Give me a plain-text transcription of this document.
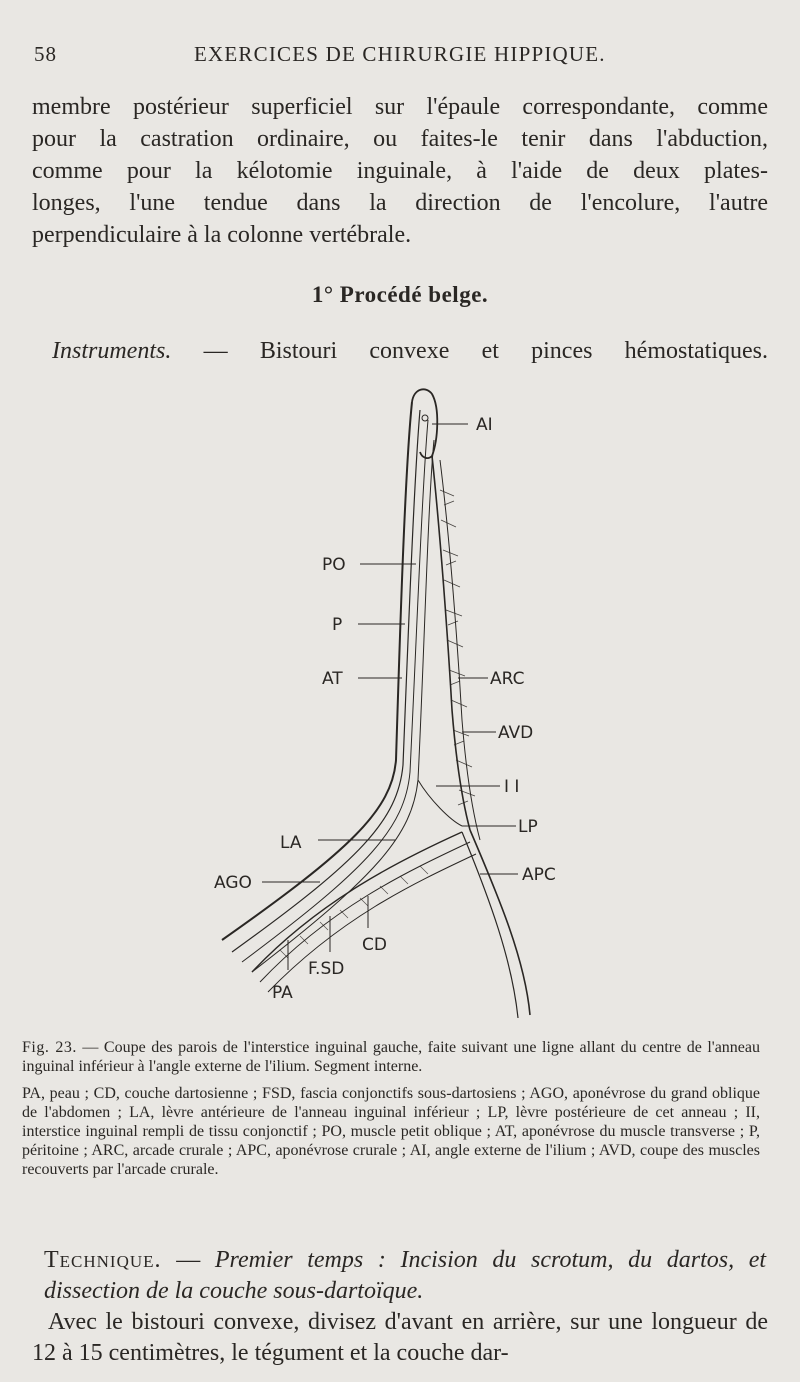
58	EXERCICES DE CHIRURGIE HIPPIQUE.
membre postérieur superficiel sur l'épaule correspondante, comme
pour la castration ordinaire, ou faites-le tenir dans l'abduction,
comme pour la kélotomie inguinale, à l'aide de deux plates-
longes, l'une tendue dans la direction de l'encolure, l'autre
perpendiculaire à la colonne vertébrale.
1° Procédé belge.
Instruments. — Bistouri convexe et pinces hémostatiques.
AI
PO
P
AT	ARC
AVD
I I
LP
LA
APC
AGO
CD
F.SD
PA
Fig. 23. — Coupe des parois de l'interstice inguinal gauche, faite suivant une ligne allant du centre de l'anneau inguinal inférieur à l'angle externe de l'ilium. Segment interne.
PA, peau ; CD, couche dartosienne ; FSD, fascia conjonctifs sous-dartosiens ; AGO, aponévrose du grand oblique de l'abdomen ; LA, lèvre antérieure de l'anneau inguinal inférieur ; LP, lèvre postérieure de cet anneau ; II, interstice inguinal rempli de tissu conjonctif ; PO, muscle petit oblique ; AT, aponévrose du muscle transverse ; P, péritoine ; ARC, arcade crurale ; APC, aponévrose crurale ; AI, angle externe de l'ilium ; AVD, coupe des muscles recouverts par l'arcade crurale.
Technique. — Premier temps : Incision du scrotum, du dartos, et dissection de la couche sous-dartoïque.
Avec le bistouri convexe, divisez d'avant en arrière, sur une longueur de 12 à 15 centimètres, le tégument et la couche dar-
